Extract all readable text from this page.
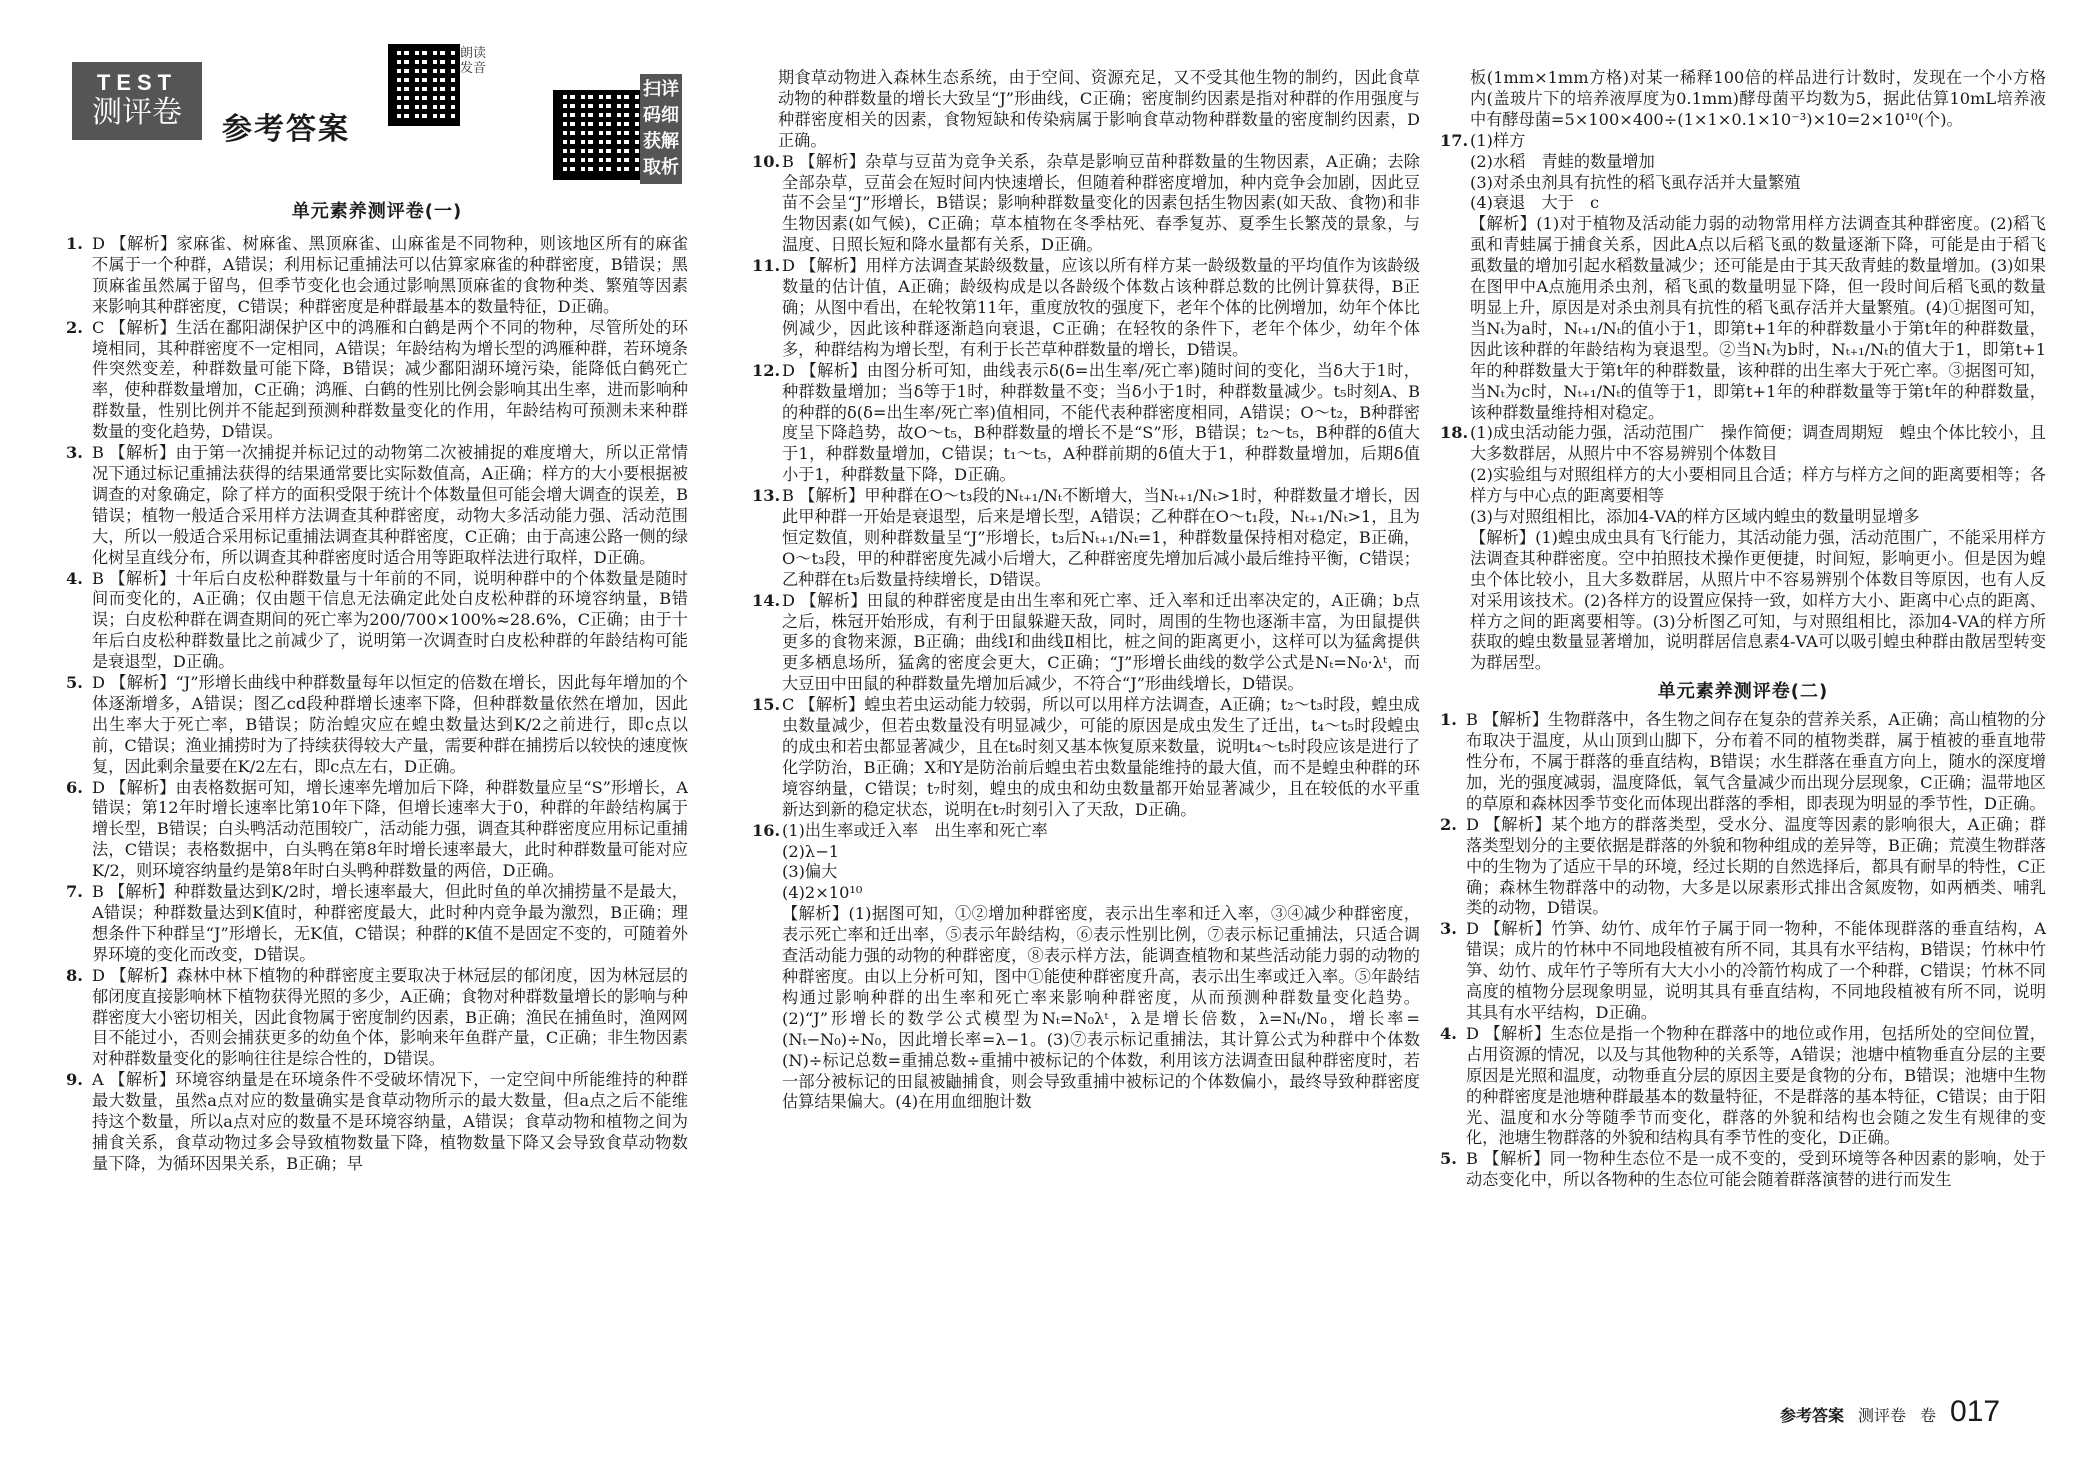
TEST
测评卷 参考答案
朗读 发音
扫 详
码 细
获 解
取 析
单元素养测评卷(一)
1. D 【解析】家麻雀、树麻雀、黑顶麻雀、山麻雀是不同物种，则该地区所有的麻雀不属于一个种群，A错误；利用标记重捕法可以估算家麻雀的种群密度，B错误；黑顶麻雀虽然属于留鸟，但季节变化也会通过影响黑顶麻雀的食物种类、繁殖等因素来影响其种群密度，C错误；种群密度是种群最基本的数量特征，D正确。
2. C 【解析】生活在鄱阳湖保护区中的鸿雁和白鹤是两个不同的物种，尽管所处的环境相同，其种群密度不一定相同，A错误；年龄结构为增长型的鸿雁种群，若环境条件突然变差，种群数量可能下降，B错误；减少鄱阳湖环境污染，能降低白鹤死亡率，使种群数量增加，C正确；鸿雁、白鹤的性别比例会影响其出生率，进而影响种群数量，性别比例并不能起到预测种群数量变化的作用，年龄结构可预测未来种群数量的变化趋势，D错误。
3. B 【解析】由于第一次捕捉并标记过的动物第二次被捕捉的难度增大，所以正常情况下通过标记重捕法获得的结果通常要比实际数值高，A正确；样方的大小要根据被调查的对象确定，除了样方的面积受限于统计个体数量但可能会增大调查的误差，B错误；植物一般适合采用样方法调查其种群密度，动物大多活动能力强、活动范围大，所以一般适合采用标记重捕法调查其种群密度，C正确；由于高速公路一侧的绿化树呈直线分布，所以调查其种群密度时适合用等距取样法进行取样，D正确。
4. B 【解析】十年后白皮松种群数量与十年前的不同，说明种群中的个体数量是随时间而变化的，A正确；仅由题干信息无法确定此处白皮松种群的环境容纳量，B错误；白皮松种群在调查期间的死亡率为200/700×100%≈28.6%，C正确；由于十年后白皮松种群数量比之前减少了，说明第一次调查时白皮松种群的年龄结构可能是衰退型，D正确。
5. D 【解析】“J”形增长曲线中种群数量每年以恒定的倍数在增长，因此每年增加的个体逐渐增多，A错误；图乙cd段种群增长速率下降，但种群数量依然在增加，因此出生率大于死亡率，B错误；防治蝗灾应在蝗虫数量达到K/2之前进行，即c点以前，C错误；渔业捕捞时为了持续获得较大产量，需要种群在捕捞后以较快的速度恢复，因此剩余量要在K/2左右，即c点左右，D正确。
6. D 【解析】由表格数据可知，增长速率先增加后下降，种群数量应呈“S”形增长，A错误；第12年时增长速率比第10年下降，但增长速率大于0，种群的年龄结构属于增长型，B错误；白头鸭活动范围较广，活动能力强，调查其种群密度应用标记重捕法，C错误；表格数据中，白头鸭在第8年时增长速率最大，此时种群数量可能对应K/2，则环境容纳量约是第8年时白头鸭种群数量的两倍，D正确。
7. B 【解析】种群数量达到K/2时，增长速率最大，但此时鱼的单次捕捞量不是最大，A错误；种群数量达到K值时，种群密度最大，此时种内竞争最为激烈，B正确；理想条件下种群呈“J”形增长，无K值，C错误；种群的K值不是固定不变的，可随着外界环境的变化而改变，D错误。
8. D 【解析】森林中林下植物的种群密度主要取决于林冠层的郁闭度，因为林冠层的郁闭度直接影响林下植物获得光照的多少，A正确；食物对种群数量增长的影响与种群密度大小密切相关，因此食物属于密度制约因素，B正确；渔民在捕鱼时，渔网网目不能过小，否则会捕获更多的幼鱼个体，影响来年鱼群产量，C正确；非生物因素对种群数量变化的影响往往是综合性的，D错误。
9. A 【解析】环境容纳量是在环境条件不受破坏情况下，一定空间中所能维持的种群最大数量，虽然a点对应的数量确实是食草动物所示的最大数量，但a点之后不能维持这个数量，所以a点对应的数量不是环境容纳量，A错误；食草动物和植物之间为捕食关系，食草动物过多会导致植物数量下降，植物数量下降又会导致食草动物数量下降，为循环因果关系，B正确；早

期食草动物进入森林生态系统，由于空间、资源充足，又不受其他生物的制约，因此食草动物的种群数量的增长大致呈“J”形曲线，C正确；密度制约因素是指对种群的作用强度与种群密度相关的因素，食物短缺和传染病属于影响食草动物种群数量的密度制约因素，D正确。

10. B 【解析】杂草与豆苗为竞争关系，杂草是影响豆苗种群数量的生物因素，A正确；去除全部杂草，豆苗会在短时间内快速增长，但随着种群密度增加，种内竞争会加剧，因此豆苗不会呈“J”形增长，B错误；影响种群数量变化的因素包括生物因素(如天敌、食物)和非生物因素(如气候)，C正确；草本植物在冬季枯死、春季复苏、夏季生长繁茂的景象，与温度、日照长短和降水量都有关系，D正确。
11. D 【解析】用样方法调查某龄级数量，应该以所有样方某一龄级数量的平均值作为该龄级数量的估计值，A正确；龄级构成是以各龄级个体数占该种群总数的比例计算获得，B正确；从图中看出，在轮牧第11年，重度放牧的强度下，老年个体的比例增加，幼年个体比例减少，因此该种群逐渐趋向衰退，C正确；在轻牧的条件下，老年个体少，幼年个体多，种群结构为增长型，有利于长芒草种群数量的增长，D错误。
12. D 【解析】由图分析可知，曲线表示δ(δ=出生率/死亡率)随时间的变化，当δ大于1时，种群数量增加；当δ等于1时，种群数量不变；当δ小于1时，种群数量减少。t₅时刻A、B的种群的δ(δ=出生率/死亡率)值相同，不能代表种群密度相同，A错误；O～t₂，B种群密度呈下降趋势，故O～t₅，B种群数量的增长不是“S”形，B错误；t₂～t₅，B种群的δ值大于1，种群数量增加，C错误；t₁～t₅，A种群前期的δ值大于1，种群数量增加，后期δ值小于1，种群数量下降，D正确。
13. B 【解析】甲种群在O～t₃段的Nₜ₊₁/Nₜ不断增大，当Nₜ₊₁/Nₜ>1时，种群数量才增长，因此甲种群一开始是衰退型，后来是增长型，A错误；乙种群在O～t₁段，Nₜ₊₁/Nₜ>1，且为恒定数值，则种群数量呈“J”形增长，t₃后Nₜ₊₁/Nₜ=1，种群数量保持相对稳定，B正确，O～t₃段，甲的种群密度先减小后增大，乙种群密度先增加后减小最后维持平衡，C错误；乙种群在t₃后数量持续增长，D错误。
14. D 【解析】田鼠的种群密度是由出生率和死亡率、迁入率和迁出率决定的，A正确；b点之后，株冠开始形成，有利于田鼠躲避天敌，同时，周围的生物也逐渐丰富，为田鼠提供更多的食物来源，B正确；曲线Ⅰ和曲线Ⅱ相比，桩之间的距离更小，这样可以为猛禽提供更多栖息场所，猛禽的密度会更大，C正确；“J”形增长曲线的数学公式是Nₜ=N₀·λᵗ，而大豆田中田鼠的种群数量先增加后减少，不符合“J”形曲线增长，D错误。
15. C 【解析】蝗虫若虫运动能力较弱，所以可以用样方法调查，A正确；t₂～t₃时段，蝗虫成虫数量减少，但若虫数量没有明显减少，可能的原因是成虫发生了迁出，t₄～t₅时段蝗虫的成虫和若虫都显著减少，且在t₆时刻又基本恢复原来数量，说明t₄～t₅时段应该是进行了化学防治，B正确；X和Y是防治前后蝗虫若虫数量能维持的最大值，而不是蝗虫种群的环境容纳量，C错误；t₇时刻，蝗虫的成虫和幼虫数量都开始显著减少，且在较低的水平重新达到新的稳定状态，说明在t₇时刻引入了天敌，D正确。
16. (1)出生率或迁入率　出生率和死亡率
(2)λ−1
(3)偏大
(4)2×10¹⁰
【解析】(1)据图可知，①②增加种群密度，表示出生率和迁入率，③④减少种群密度，表示死亡率和迁出率，⑤表示年龄结构，⑥表示性别比例，⑦表示标记重捕法，只适合调查活动能力强的动物的种群密度，⑧表示样方法，能调查植物和某些活动能力弱的动物的种群密度。由以上分析可知，图中①能使种群密度升高，表示出生率或迁入率。⑤年龄结构通过影响种群的出生率和死亡率来影响种群密度，从而预测种群数量变化趋势。(2)“J”形增长的数学公式模型为Nₜ=N₀λᵗ，λ是增长倍数，λ=Nₜ/N₀，增长率=(Nₜ−N₀)÷N₀，因此增长率=λ−1。(3)⑦表示标记重捕法，其计算公式为种群中个体数(N)÷标记总数=重捕总数÷重捕中被标记的个体数，利用该方法调查田鼠种群密度时，若一部分被标记的田鼠被鼬捕食，则会导致重捕中被标记的个体数偏小，最终导致种群密度估算结果偏大。(4)在用血细胞计数

板(1mm×1mm方格)对某一稀释100倍的样品进行计数时，发现在一个小方格内(盖玻片下的培养液厚度为0.1mm)酵母菌平均数为5，据此估算10mL培养液中有酵母菌=5×100×400÷(1×1×0.1×10⁻³)×10=2×10¹⁰(个)。

17. (1)样方
(2)水稻　青蛙的数量增加
(3)对杀虫剂具有抗性的稻飞虱存活并大量繁殖
(4)衰退　大于　c
【解析】(1)对于植物及活动能力弱的动物常用样方法调查其种群密度。(2)稻飞虱和青蛙属于捕食关系，因此A点以后稻飞虱的数量逐渐下降，可能是由于稻飞虱数量的增加引起水稻数量减少；还可能是由于其天敌青蛙的数量增加。(3)如果在图甲中A点施用杀虫剂，稻飞虱的数量明显下降，但一段时间后稻飞虱的数量明显上升，原因是对杀虫剂具有抗性的稻飞虱存活并大量繁殖。(4)①据图可知，当Nₜ为a时，Nₜ₊₁/Nₜ的值小于1，即第t+1年的种群数量小于第t年的种群数量，因此该种群的年龄结构为衰退型。②当Nₜ为b时，Nₜ₊₁/Nₜ的值大于1，即第t+1年的种群数量大于第t年的种群数量，该种群的出生率大于死亡率。③据图可知，当Nₜ为c时，Nₜ₊₁/Nₜ的值等于1，即第t+1年的种群数量等于第t年的种群数量，该种群数量维持相对稳定。
18. (1)成虫活动能力强，活动范围广　操作简便；调查周期短　蝗虫个体比较小，且大多数群居，从照片中不容易辨别个体数目
(2)实验组与对照组样方的大小要相同且合适；样方与样方之间的距离要相等；各样方与中心点的距离要相等
(3)与对照组相比，添加4-VA的样方区域内蝗虫的数量明显增多
【解析】(1)蝗虫成虫具有飞行能力，其活动能力强，活动范围广，不能采用样方法调查其种群密度。空中拍照技术操作更便捷，时间短，影响更小。但是因为蝗虫个体比较小，且大多数群居，从照片中不容易辨别个体数目等原因，也有人反对采用该技术。(2)各样方的设置应保持一致，如样方大小、距离中心点的距离、样方之间的距离要相等。(3)分析图乙可知，与对照组相比，添加4-VA的样方所获取的蝗虫数量显著增加，说明群居信息素4-VA可以吸引蝗虫种群由散居型转变为群居型。
单元素养测评卷(二)
1. B 【解析】生物群落中，各生物之间存在复杂的营养关系，A正确；高山植物的分布取决于温度，从山顶到山脚下，分布着不同的植物类群，属于植被的垂直地带性分布，不属于群落的垂直结构，B错误；水生群落在垂直方向上，随水的深度增加，光的强度减弱，温度降低，氧气含量减少而出现分层现象，C正确；温带地区的草原和森林因季节变化而体现出群落的季相，即表现为明显的季节性，D正确。
2. D 【解析】某个地方的群落类型，受水分、温度等因素的影响很大，A正确；群落类型划分的主要依据是群落的外貌和物种组成的差异等，B正确；荒漠生物群落中的生物为了适应干旱的环境，经过长期的自然选择后，都具有耐旱的特性，C正确；森林生物群落中的动物，大多是以尿素形式排出含氮废物，如两栖类、哺乳类的动物，D错误。
3. D 【解析】竹笋、幼竹、成年竹子属于同一物种，不能体现群落的垂直结构，A错误；成片的竹林中不同地段植被有所不同，其具有水平结构，B错误；竹林中竹笋、幼竹、成年竹子等所有大大小小的冷箭竹构成了一个种群，C错误；竹林不同高度的植物分层现象明显，说明其具有垂直结构，不同地段植被有所不同，说明其具有水平结构，D正确。
4. D 【解析】生态位是指一个物种在群落中的地位或作用，包括所处的空间位置，占用资源的情况，以及与其他物种的关系等，A错误；池塘中植物垂直分层的主要原因是光照和温度，动物垂直分层的原因主要是食物的分布，B错误；池塘中生物的种群密度是池塘种群最基本的数量特征，不是群落的基本特征，C错误；由于阳光、温度和水分等随季节而变化，群落的外貌和结构也会随之发生有规律的变化，池塘生物群落的外貌和结构具有季节性的变化，D正确。
5. B 【解析】同一物种生态位不是一成不变的，受到环境等各种因素的影响，处于动态变化中，所以各物种的生态位可能会随着群落演替的进行而发生
参考答案 测评卷 卷 017
